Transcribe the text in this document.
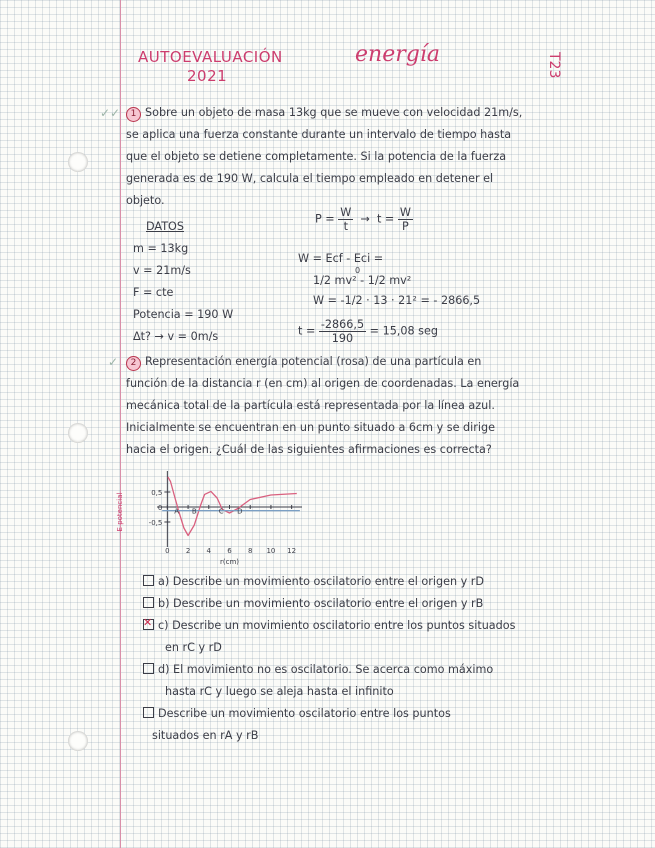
AUTOEVALUACIÓN
2021
energía	T23
✓✓	1 Sobre un objeto de masa 13kg que se mueve con velocidad 21m/s,
se aplica una fuerza constante durante un intervalo de tiempo hasta
que el objeto se detiene completamente. Si la potencia de la fuerza
generada es de 190 W, calcula el tiempo empleado en detener el
objeto.
DATOS
m = 13kg
v = 21m/s
F = cte
Potencia = 190 W
Δt? → v = 0m/s
$P = \frac{W}{t} \to t = \frac{W}{P}$
W = Ecf - Eci =
1/2 mv² - 1/2 mv²
0
W = -1/2 · 13 · 21² = - 2866,5
$t = \frac{-2866,5}{190} = 15,08$ seg
✓	2 Representación energía potencial (rosa) de una partícula en
función de la distancia r (en cm) al origen de coordenadas. La energía
mecánica total de la partícula está representada por la línea azul.
Inicialmente se encuentran en un punto situado a 6cm y se dirige
hacia el origen. ¿Cuál de las siguientes afirmaciones es correcta?
0,5
0
-0,5
0 2 4 6 8 10 12
A B	C D
E potencial
r(cm)
a) Describe un movimiento oscilatorio entre el origen y rD
b) Describe un movimiento oscilatorio entre el origen y rB
✕c) Describe un movimiento oscilatorio entre los puntos situados
en rC y rD
d) El movimiento no es oscilatorio. Se acerca como máximo
hasta rC y luego se aleja hasta el infinito
Describe un movimiento oscilatorio entre los puntos
situados en rA y rB
